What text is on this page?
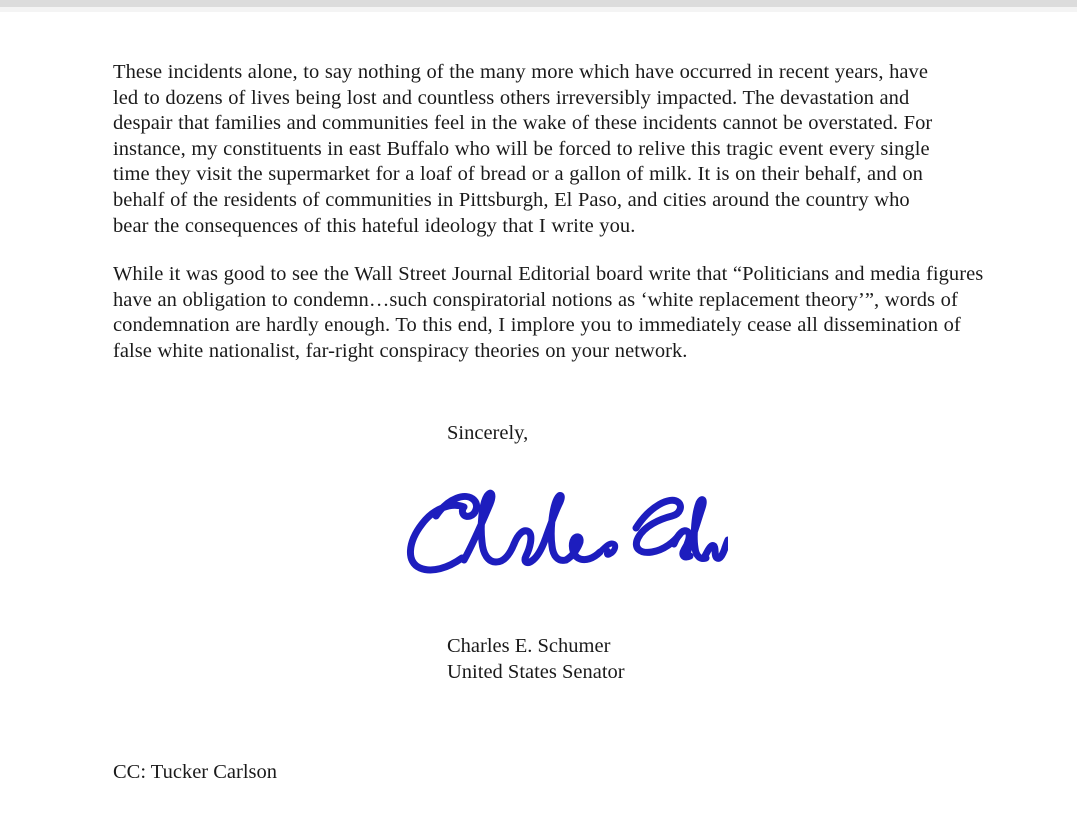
These incidents alone, to say nothing of the many more which have occurred in recent years, have led to dozens of lives being lost and countless others irreversibly impacted. The devastation and despair that families and communities feel in the wake of these incidents cannot be overstated. For instance, my constituents in east Buffalo who will be forced to relive this tragic event every single time they visit the supermarket for a loaf of bread or a gallon of milk. It is on their behalf, and on behalf of the residents of communities in Pittsburgh, El Paso, and cities around the country who bear the consequences of this hateful ideology that I write you.

While it was good to see the Wall Street Journal Editorial board write that “Politicians and media figures have an obligation to condemn…such conspiratorial notions as ‘white replacement theory’”, words of condemnation are hardly enough. To this end, I implore you to immediately cease all dissemination of false white nationalist, far-right conspiracy theories on your network.

Sincerely,
Charles E. Schumer
United States Senator
CC: Tucker Carlson
